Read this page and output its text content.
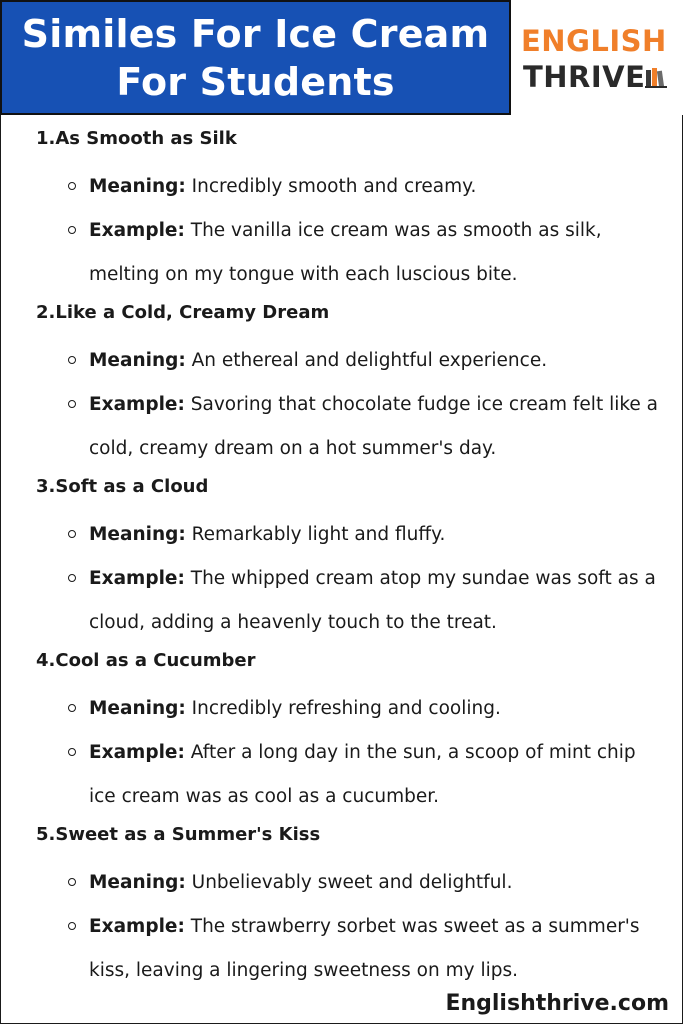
Similes For Ice Cream
For Students
ENGLISH
THRIVE
1.As Smooth as Silk
Meaning: Incredibly smooth and creamy.
Example: The vanilla ice cream was as smooth as silk, melting on my tongue with each luscious bite.
2.Like a Cold, Creamy Dream
Meaning: An ethereal and delightful experience.
Example: Savoring that chocolate fudge ice cream felt like a cold, creamy dream on a hot summer's day.
3.Soft as a Cloud
Meaning: Remarkably light and fluffy.
Example: The whipped cream atop my sundae was soft as a cloud, adding a heavenly touch to the treat.
4.Cool as a Cucumber
Meaning: Incredibly refreshing and cooling.
Example: After a long day in the sun, a scoop of mint chip ice cream was as cool as a cucumber.
5.Sweet as a Summer's Kiss
Meaning: Unbelievably sweet and delightful.
Example: The strawberry sorbet was sweet as a summer's kiss, leaving a lingering sweetness on my lips.
Englishthrive.com
